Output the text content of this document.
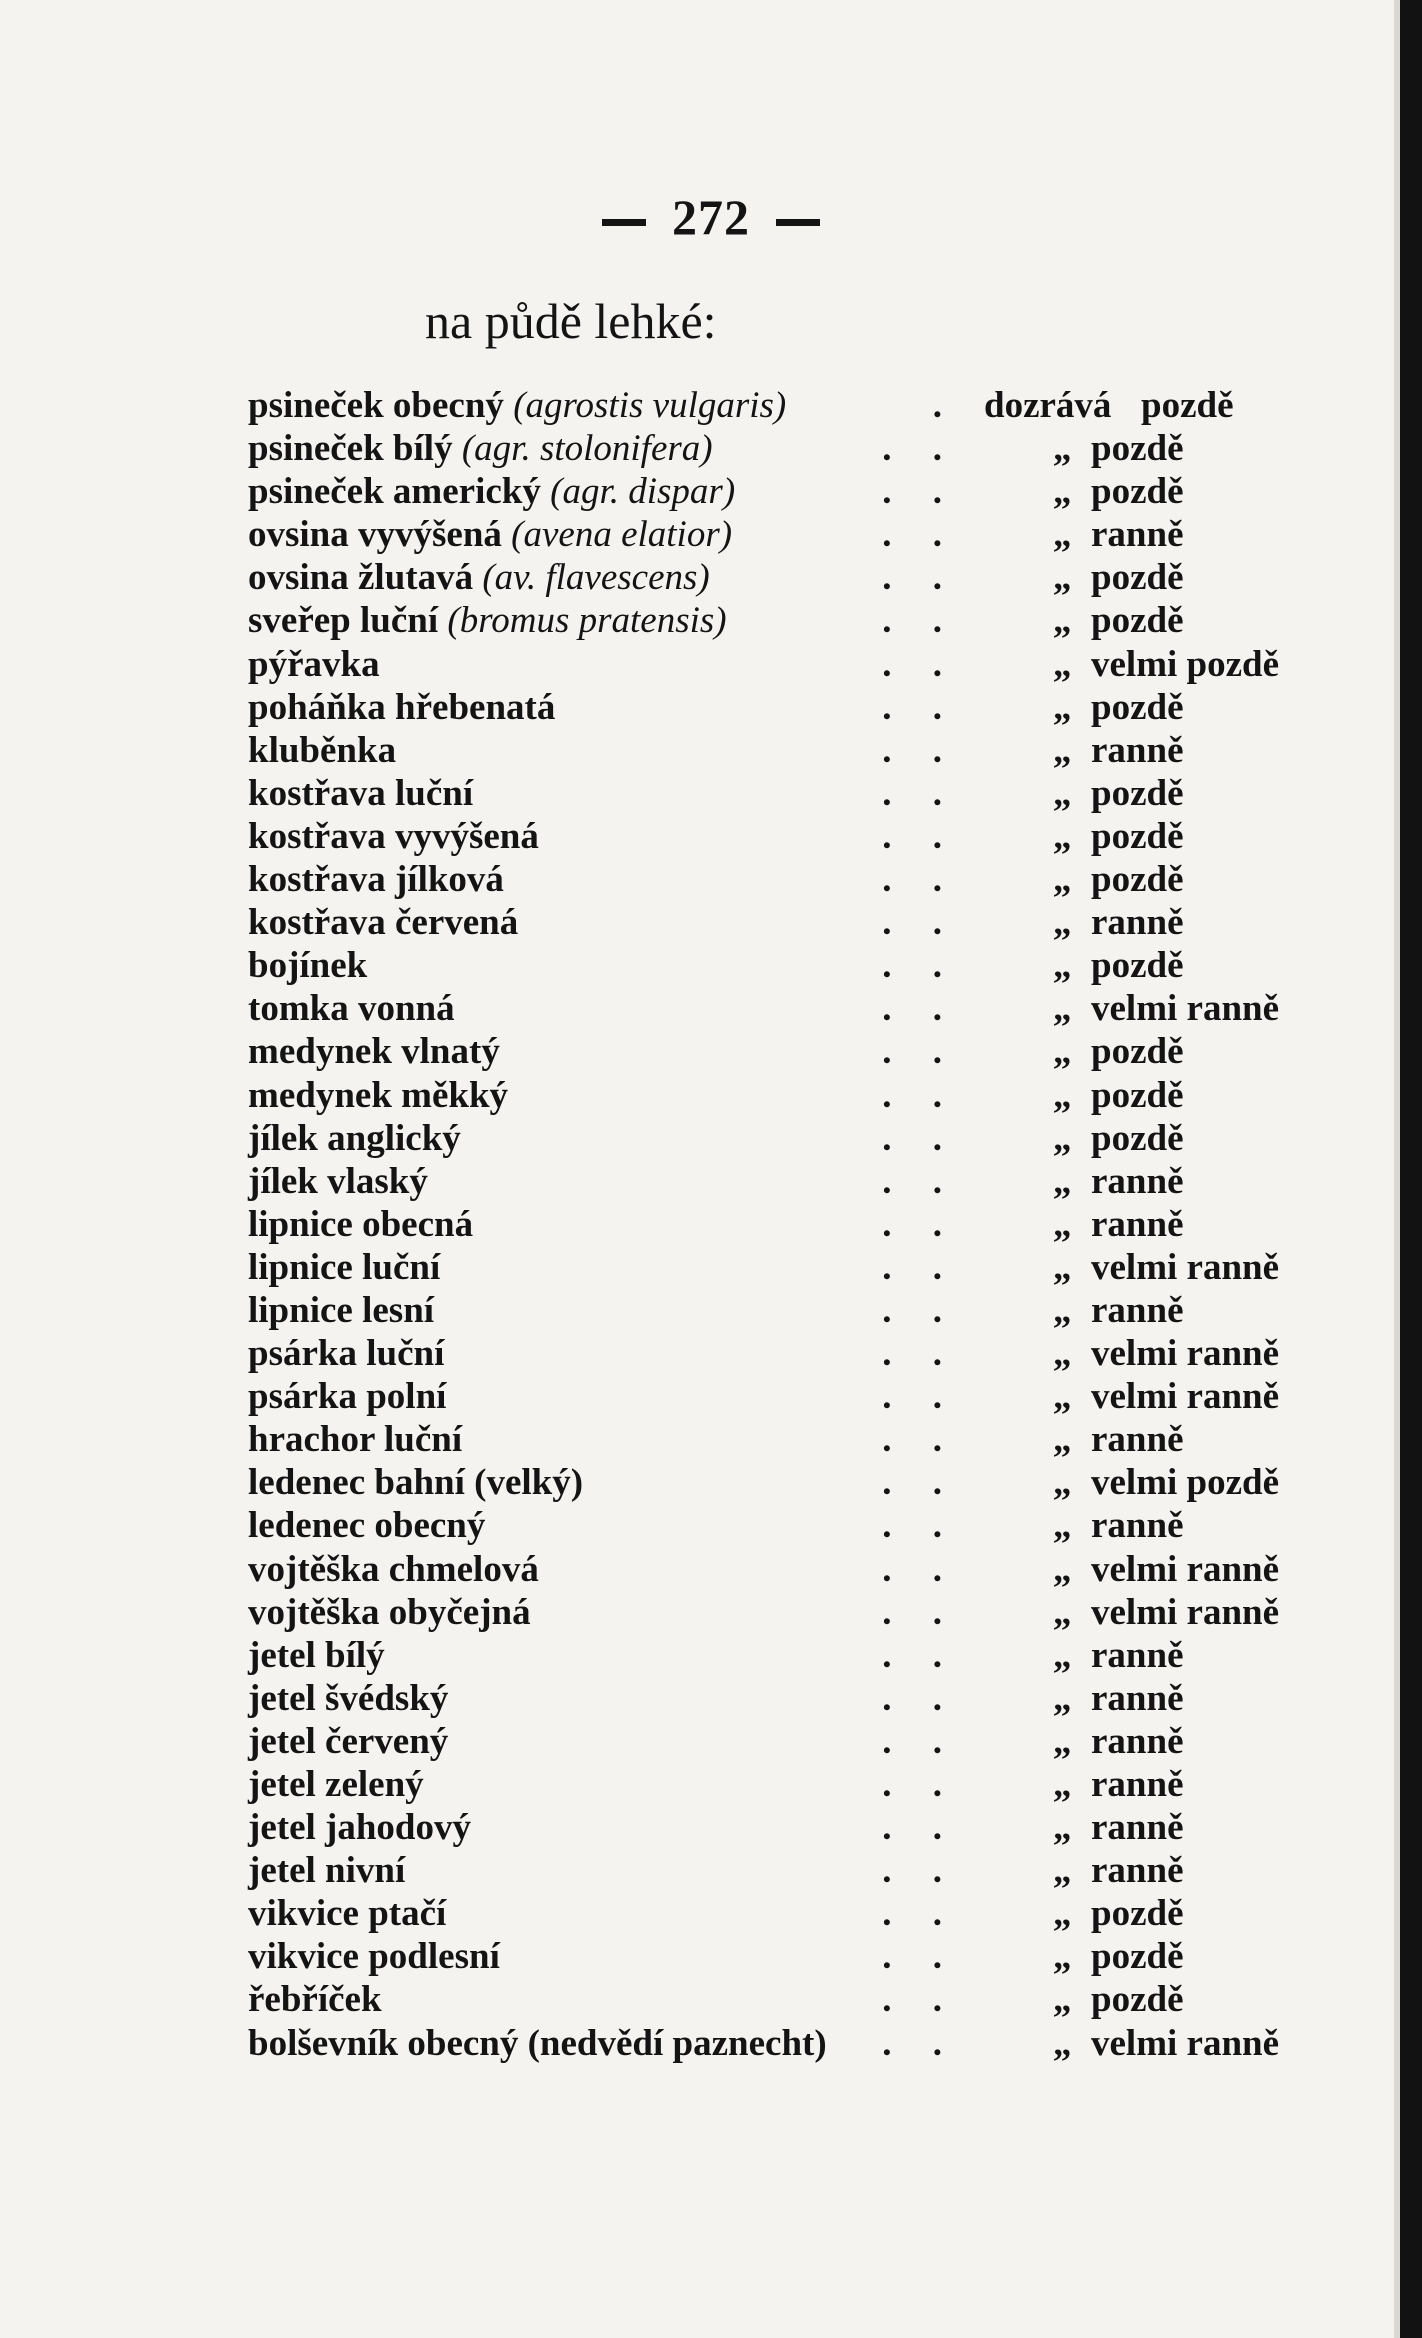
272
na půdě lehké:
psineček obecný (agrostis vulgaris)	. dozrává pozdě
psineček bílý (agr. stolonifera)	. .	„ pozdě
psineček americký (agr. dispar)	. .	„ pozdě
ovsina vyvýšená (avena elatior)	. .	„ ranně
ovsina žlutavá (av. flavescens)	. .	„ pozdě
sveřep luční (bromus pratensis)	. .	„ pozdě
pýřavka	. .	„ velmi pozdě
poháňka hřebenatá	. .	„ pozdě
kluběnka	. .	„ ranně
kostřava luční	. .	„ pozdě
kostřava vyvýšená	. .	„ pozdě
kostřava jílková	. .	„ pozdě
kostřava červená	. .	„ ranně
bojínek	. .	„ pozdě
tomka vonná	. .	„ velmi ranně
medynek vlnatý	. .	„ pozdě
medynek měkký	. .	„ pozdě
jílek anglický	. .	„ pozdě
jílek vlaský	. .	„ ranně
lipnice obecná	. .	„ ranně
lipnice luční	. .	„ velmi ranně
lipnice lesní	. .	„ ranně
psárka luční	. .	„ velmi ranně
psárka polní	. .	„ velmi ranně
hrachor luční	. .	„ ranně
ledenec bahní (velký)	. .	„ velmi pozdě
ledenec obecný	. .	„ ranně
vojtěška chmelová	. .	„ velmi ranně
vojtěška obyčejná	. .	„ velmi ranně
jetel bílý	. .	„ ranně
jetel švédský	. .	„ ranně
jetel červený	. .	„ ranně
jetel zelený	. .	„ ranně
jetel jahodový	. .	„ ranně
jetel nivní	. .	„ ranně
vikvice ptačí	. .	„ pozdě
vikvice podlesní	. .	„ pozdě
řebříček	. .	„ pozdě
bolševník obecný (nedvědí paznecht) . .	„ velmi ranně
